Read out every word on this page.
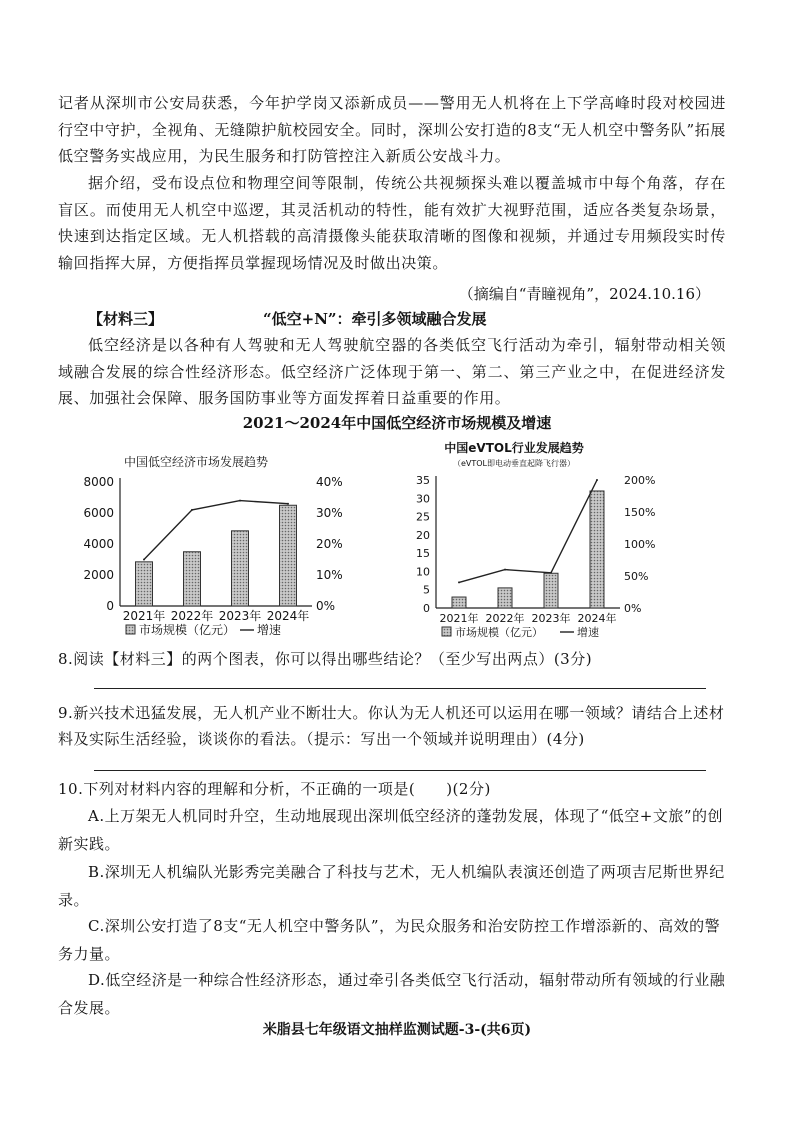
记者从深圳市公安局获悉，今年护学岗又添新成员——警用无人机将在上下学高峰时段对校园进行空中守护，全视角、无缝隙护航校园安全。同时，深圳公安打造的8支“无人机空中警务队”拓展低空警务实战应用，为民生服务和打防管控注入新质公安战斗力。

据介绍，受布设点位和物理空间等限制，传统公共视频探头难以覆盖城市中每个角落，存在盲区。而使用无人机空中巡逻，其灵活机动的特性，能有效扩大视野范围，适应各类复杂场景，快速到达指定区域。无人机搭载的高清摄像头能获取清晰的图像和视频，并通过专用频段实时传输回指挥大屏，方便指挥员掌握现场情况及时做出决策。

（摘编自“青瞳视角”，2024.10.16）
【材料三】	“低空+N”：牵引多领域融合发展

低空经济是以各种有人驾驶和无人驾驶航空器的各类低空飞行活动为牵引，辐射带动相关领域融合发展的综合性经济形态。低空经济广泛体现于第一、第二、第三产业之中，在促进经济发展、加强社会保障、服务国防事业等方面发挥着日益重要的作用。

2021～2024年中国低空经济市场规模及增速
中国低空经济市场发展趋势
8000
6000
4000
2000
0
40%
30%
20%
10%
0%
2021年 2022年 2023年 2024年
市场规模（亿元） 增速
中国eVTOL行业发展趋势
（eVTOL即电动垂直起降飞行器）
35
30
25
20
15
10
5
0
200%
150%
100%
50%
0%
2021年 2022年 2023年 2024年
市场规模（亿元）	增速

8.阅读【材料三】的两个图表，你可以得出哪些结论？（至少写出两点）(3分)

9.新兴技术迅猛发展，无人机产业不断壮大。你认为无人机还可以运用在哪一领域？请结合上述材料及实际生活经验，谈谈你的看法。（提示：写出一个领域并说明理由）(4分)

10.下列对材料内容的理解和分析，不正确的一项是(　　)(2分)

A.上万架无人机同时升空，生动地展现出深圳低空经济的蓬勃发展，体现了“低空+文旅”的创新实践。

B.深圳无人机编队光影秀完美融合了科技与艺术，无人机编队表演还创造了两项吉尼斯世界纪录。

C.深圳公安打造了8支“无人机空中警务队”，为民众服务和治安防控工作增添新的、高效的警务力量。

D.低空经济是一种综合性经济形态，通过牵引各类低空飞行活动，辐射带动所有领域的行业融合发展。

米脂县七年级语文抽样监测试题-3-(共6页)
